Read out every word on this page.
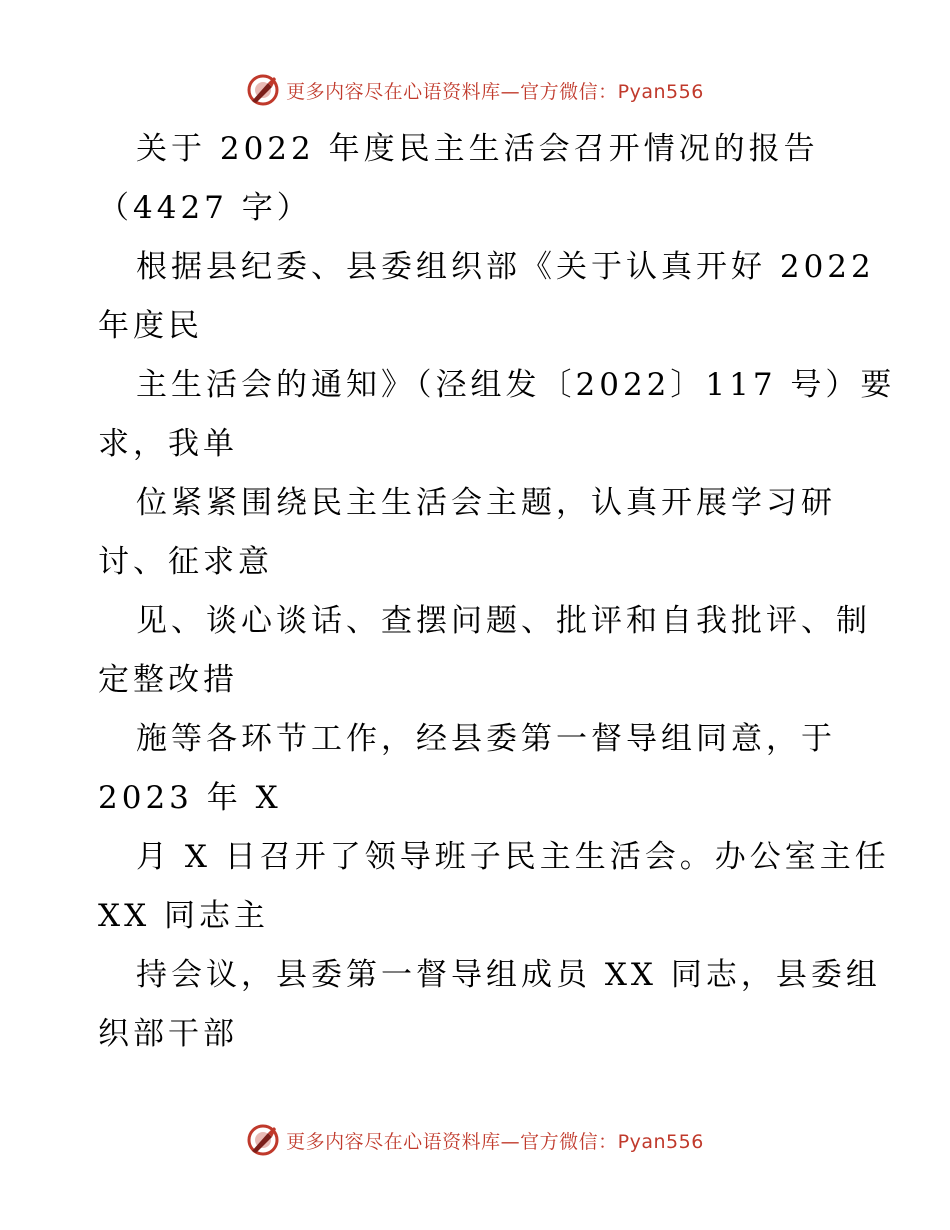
更多内容尽在心语资料库—官方微信：Pyan556
关于 2022 年度民主生活会召开情况的报告
（4427 字）
根据县纪委、县委组织部《关于认真开好 2022
年度民
主生活会的通知》（泾组发〔2022〕117 号）要
求，我单
位紧紧围绕民主生活会主题，认真开展学习研
讨、征求意
见、谈心谈话、查摆问题、批评和自我批评、制
定整改措
施等各环节工作，经县委第一督导组同意，于
2023 年 X
月 X 日召开了领导班子民主生活会。办公室主任
XX 同志主
持会议，县委第一督导组成员 XX 同志，县委组
织部干部
更多内容尽在心语资料库—官方微信：Pyan556
